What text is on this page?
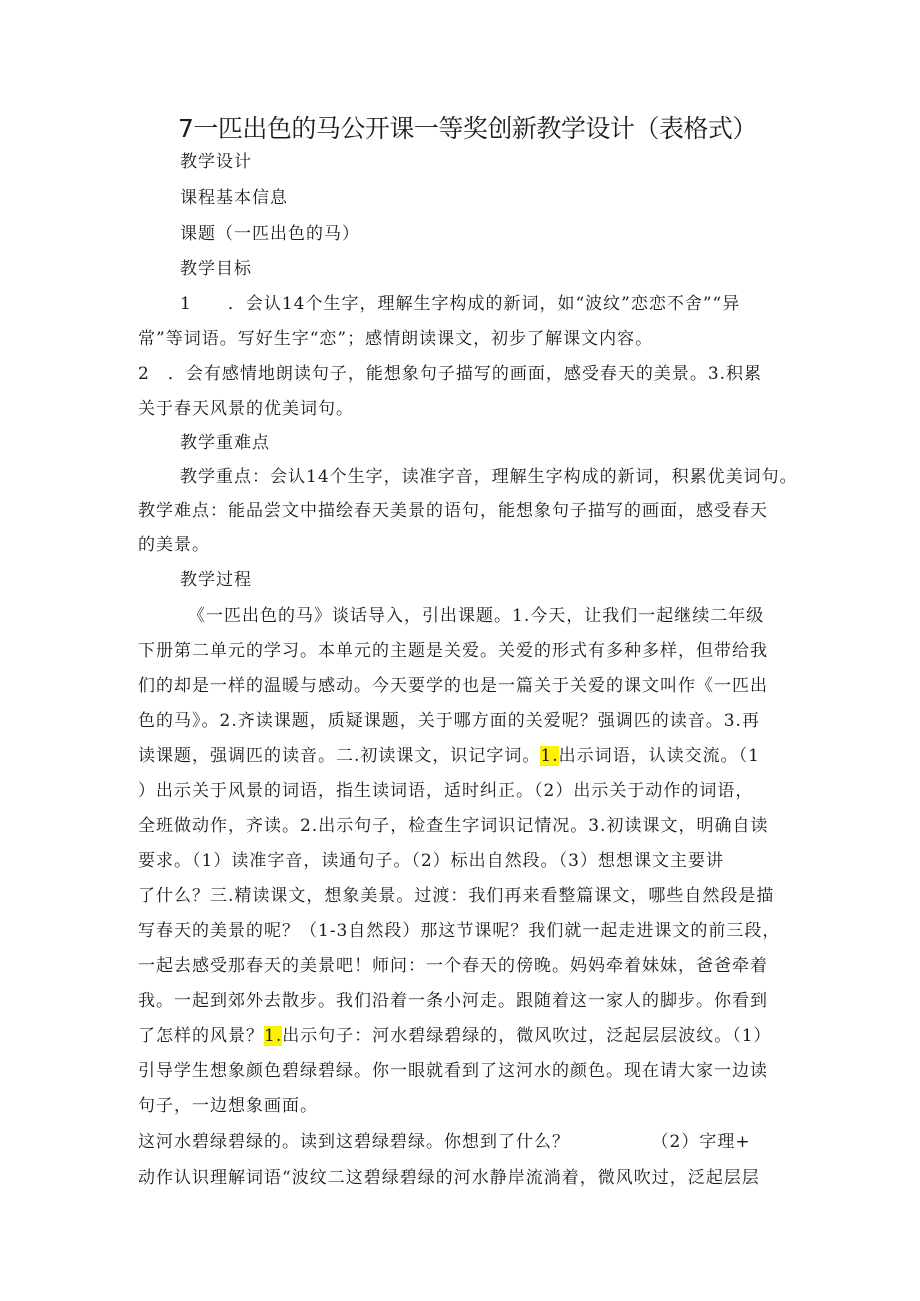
7一匹出色的马公开课一等奖创新教学设计（表格式）
教学设计
课程基本信息
课题（一匹出色的马）
教学目标
1　　．会认14个生字，理解生字构成的新词，如“波纹”恋恋不舍”“异
常”等词语。写好生字“恋”；感情朗读课文，初步了解课文内容。
2　．会有感情地朗读句子，能想象句子描写的画面，感受春天的美景。3.积累
关于春天风景的优美词句。
教学重难点
教学重点：会认14个生字，读准字音，理解生字构成的新词，积累优美词句。
教学难点：能品尝文中描绘春天美景的语句，能想象句子描写的画面，感受春天
的美景。
教学过程
《一匹出色的马》谈话导入，引出课题。1.今天，让我们一起继续二年级
下册第二单元的学习。本单元的主题是关爱。关爱的形式有多种多样，但带给我
们的却是一样的温暖与感动。今天要学的也是一篇关于关爱的课文叫作《一匹出
色的马》。2.齐读课题，质疑课题，关于哪方面的关爱呢？强调匹的读音。3.再
读课题，强调匹的读音。二.初读课文，识记字词。1.出示词语，认读交流。（1
）出示关于风景的词语，指生读词语，适时纠正。（2）出示关于动作的词语，
全班做动作，齐读。2.出示句子，检查生字词识记情况。3.初读课文，明确自读
要求。（1）读准字音，读通句子。（2）标出自然段。（3）想想课文主要讲
了什么？三.精读课文，想象美景。过渡：我们再来看整篇课文，哪些自然段是描
写春天的美景的呢？（1-3自然段）那这节课呢？我们就一起走进课文的前三段，
一起去感受那春天的美景吧！师问：一个春天的傍晚。妈妈牵着妹妹，爸爸牵着
我。一起到郊外去散步。我们沿着一条小河走。跟随着这一家人的脚步。你看到
了怎样的风景？1.出示句子：河水碧绿碧绿的，微风吹过，泛起层层波纹。（1）
引导学生想象颜色碧绿碧绿。你一眼就看到了这河水的颜色。现在请大家一边读
句子，一边想象画面。
这河水碧绿碧绿的。读到这碧绿碧绿。你想到了什么？　　　　　（2）字理+
动作认识理解词语“波纹二这碧绿碧绿的河水静岸流淌着，微风吹过，泛起层层
